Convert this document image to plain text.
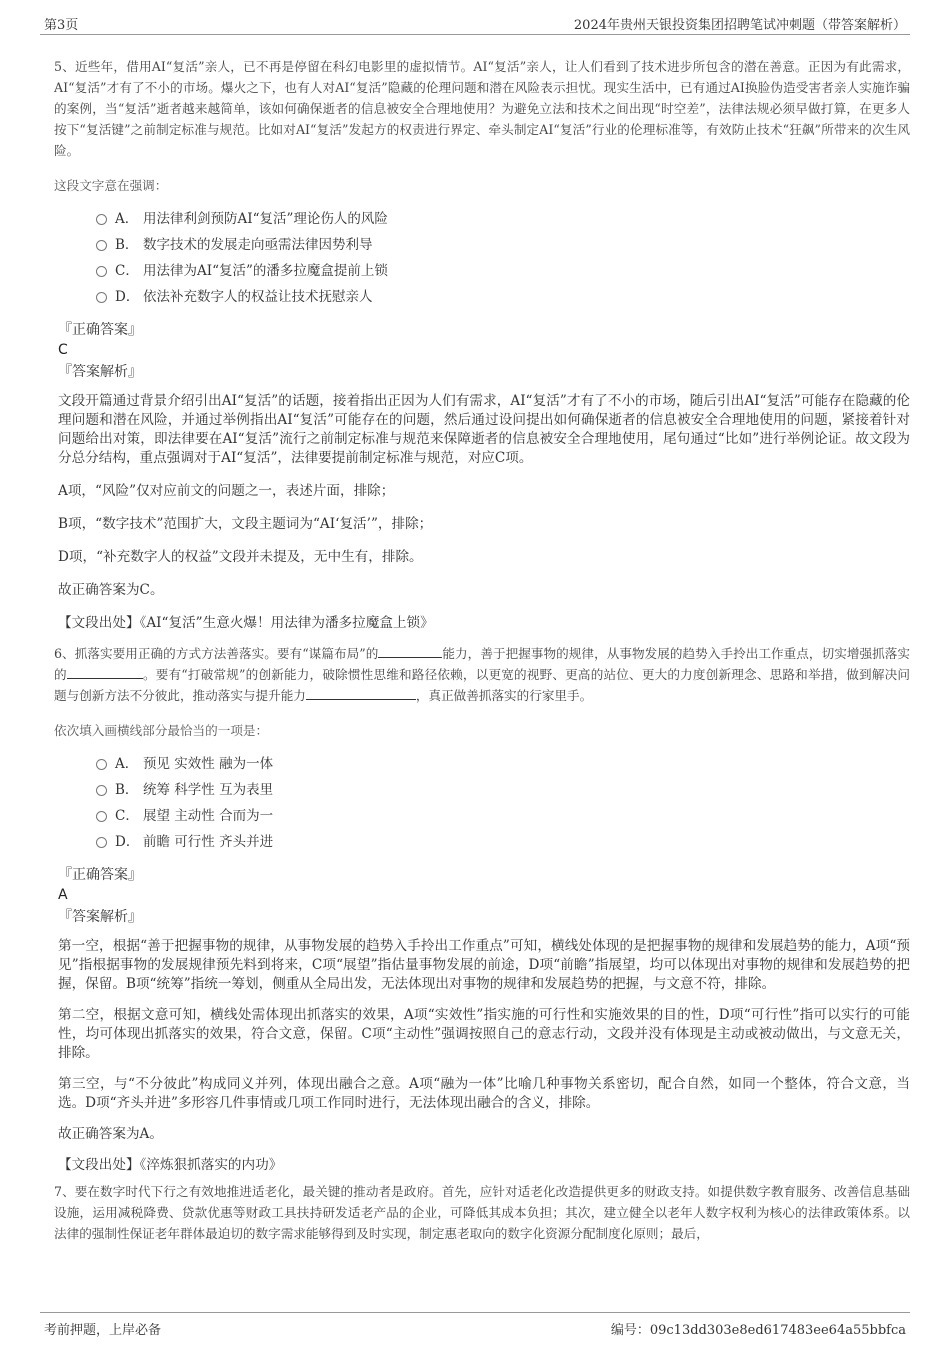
第3页	2024年贵州天银投资集团招聘笔试冲刺题（带答案解析）

5、近些年，借用AI“复活”亲人，已不再是停留在科幻电影里的虚拟情节。AI“复活”亲人，让人们看到了技术进步所包含的潜在善意。正因为有此需求，AI“复活”才有了不小的市场。爆火之下，也有人对AI“复活”隐藏的伦理问题和潜在风险表示担忧。现实生活中，已有通过AI换脸伪造受害者亲人实施诈骗的案例，当“复活”逝者越来越简单，该如何确保逝者的信息被安全合理地使用？为避免立法和技术之间出现“时空差”，法律法规必须早做打算，在更多人按下“复活键”之前制定标准与规范。比如对AI“复活”发起方的权责进行界定、牵头制定AI“复活”行业的伦理标准等，有效防止技术“狂飙”所带来的次生风险。

这段文字意在强调：

A． 用法律利剑预防AI“复活”理论伤人的风险
B． 数字技术的发展走向亟需法律因势利导
C． 用法律为AI“复活”的潘多拉魔盒提前上锁
D． 依法补充数字人的权益让技术抚慰亲人
『正确答案』
C
『答案解析』

文段开篇通过背景介绍引出AI“复活”的话题，接着指出正因为人们有需求，AI“复活”才有了不小的市场，随后引出AI“复活”可能存在隐藏的伦理问题和潜在风险，并通过举例指出AI“复活”可能存在的问题，然后通过设问提出如何确保逝者的信息被安全合理地使用的问题，紧接着针对问题给出对策，即法律要在AI“复活”流行之前制定标准与规范来保障逝者的信息被安全合理地使用，尾句通过“比如”进行举例论证。故文段为分总分结构，重点强调对于AI“复活”，法律要提前制定标准与规范，对应C项。

A项，“风险”仅对应前文的问题之一，表述片面，排除；

B项，“数字技术”范围扩大，文段主题词为“AI‘复活’”，排除；

D项，“补充数字人的权益”文段并未提及，无中生有，排除。

故正确答案为C。

【文段出处】《AI“复活”生意火爆！用法律为潘多拉魔盒上锁》

6、抓落实要用正确的方式方法善落实。要有“谋篇布局”的	能力，善于把握事物的规律，从事物发展的趋势入手拎出工作重点，切实增强抓落实的	。要有“打破常规”的创新能力，破除惯性思维和路径依赖，以更宽的视野、更高的站位、更大的力度创新理念、思路和举措，做到解决问题与创新方法不分彼此，推动落实与提升能力	，真正做善抓落实的行家里手。

依次填入画横线部分最恰当的一项是：

A． 预见 实效性 融为一体
B． 统筹 科学性 互为表里
C． 展望 主动性 合而为一
D． 前瞻 可行性 齐头并进
『正确答案』
A
『答案解析』

第一空，根据“善于把握事物的规律，从事物发展的趋势入手拎出工作重点”可知，横线处体现的是把握事物的规律和发展趋势的能力，A项“预见”指根据事物的发展规律预先料到将来，C项“展望”指估量事物发展的前途，D项“前瞻”指展望，均可以体现出对事物的规律和发展趋势的把握，保留。B项“统筹”指统一筹划，侧重从全局出发，无法体现出对事物的规律和发展趋势的把握，与文意不符，排除。

第二空，根据文意可知，横线处需体现出抓落实的效果，A项“实效性”指实施的可行性和实施效果的目的性，D项“可行性”指可以实行的可能性，均可体现出抓落实的效果，符合文意，保留。C项“主动性”强调按照自己的意志行动，文段并没有体现是主动或被动做出，与文意无关，排除。

第三空，与“不分彼此”构成同义并列，体现出融合之意。A项“融为一体”比喻几种事物关系密切，配合自然，如同一个整体，符合文意，当选。D项“齐头并进”多形容几件事情或几项工作同时进行，无法体现出融合的含义，排除。

故正确答案为A。

【文段出处】《淬炼狠抓落实的内功》

7、要在数字时代下行之有效地推进适老化，最关键的推动者是政府。首先，应针对适老化改造提供更多的财政支持。如提供数字教育服务、改善信息基础设施，运用减税降费、贷款优惠等财政工具扶持研发适老产品的企业，可降低其成本负担；其次，建立健全以老年人数字权利为核心的法律政策体系。以法律的强制性保证老年群体最迫切的数字需求能够得到及时实现，制定惠老取向的数字化资源分配制度化原则；最后，

考前押题，上岸必备	编号：09c13dd303e8ed617483ee64a55bbfca
